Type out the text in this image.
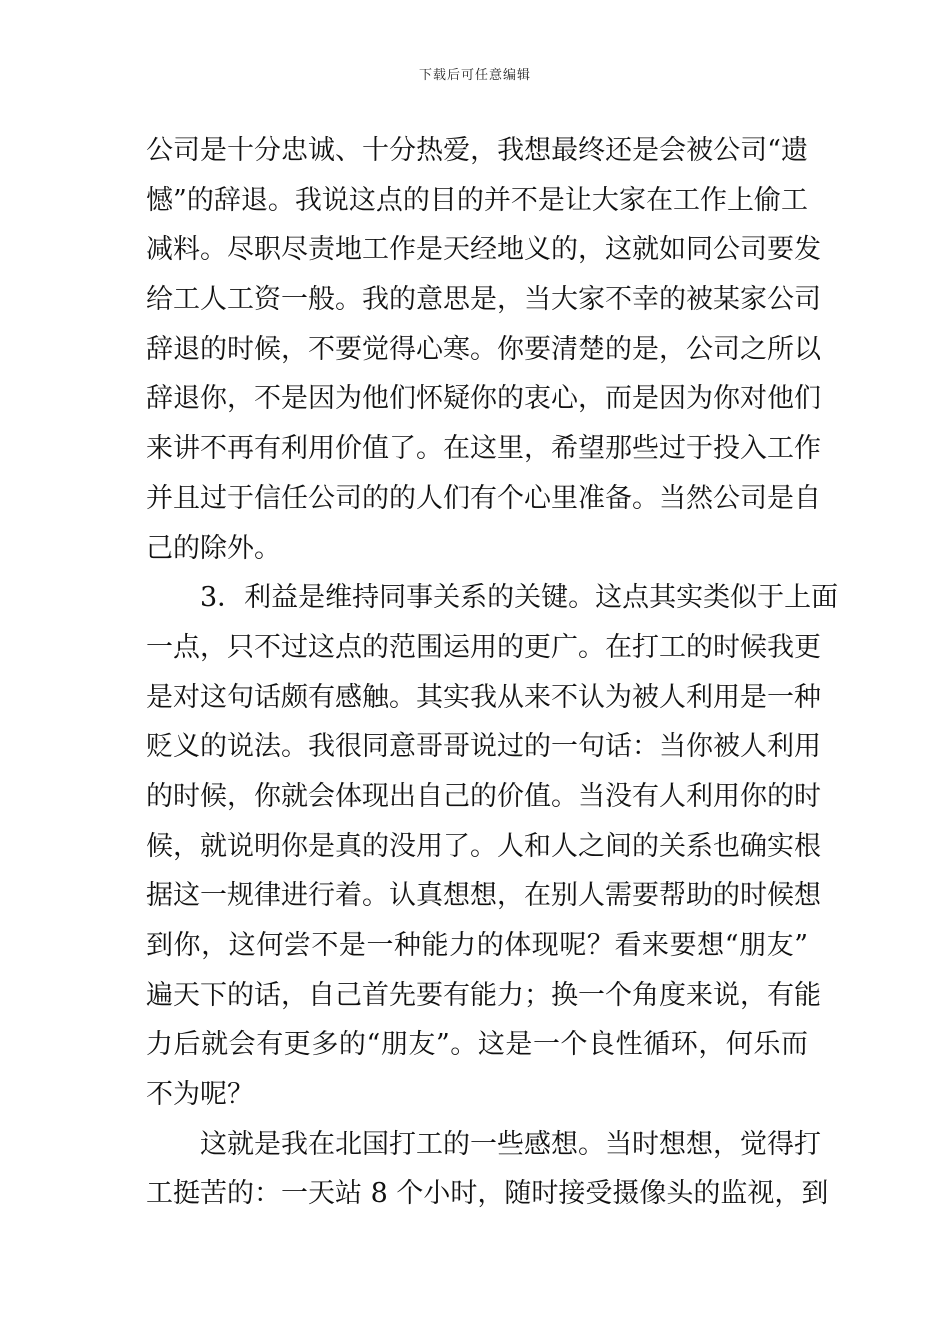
下载后可任意编辑
公司是十分忠诚、十分热爱，我想最终还是会被公司“遗
憾”的辞退。我说这点的目的并不是让大家在工作上偷工
减料。尽职尽责地工作是天经地义的，这就如同公司要发
给工人工资一般。我的意思是，当大家不幸的被某家公司
辞退的时候，不要觉得心寒。你要清楚的是，公司之所以
辞退你，不是因为他们怀疑你的衷心，而是因为你对他们
来讲不再有利用价值了。在这里，希望那些过于投入工作
并且过于信任公司的的人们有个心里准备。当然公司是自
己的除外。
3．利益是维持同事关系的关键。这点其实类似于上面
一点，只不过这点的范围运用的更广。在打工的时候我更
是对这句话颇有感触。其实我从来不认为被人利用是一种
贬义的说法。我很同意哥哥说过的一句话：当你被人利用
的时候，你就会体现出自己的价值。当没有人利用你的时
候，就说明你是真的没用了。人和人之间的关系也确实根
据这一规律进行着。认真想想，在别人需要帮助的时候想
到你，这何尝不是一种能力的体现呢？看来要想“朋友”
遍天下的话，自己首先要有能力；换一个角度来说，有能
力后就会有更多的“朋友”。这是一个良性循环，何乐而
不为呢？
这就是我在北国打工的一些感想。当时想想，觉得打
工挺苦的：一天站 8 个小时，随时接受摄像头的监视，到
